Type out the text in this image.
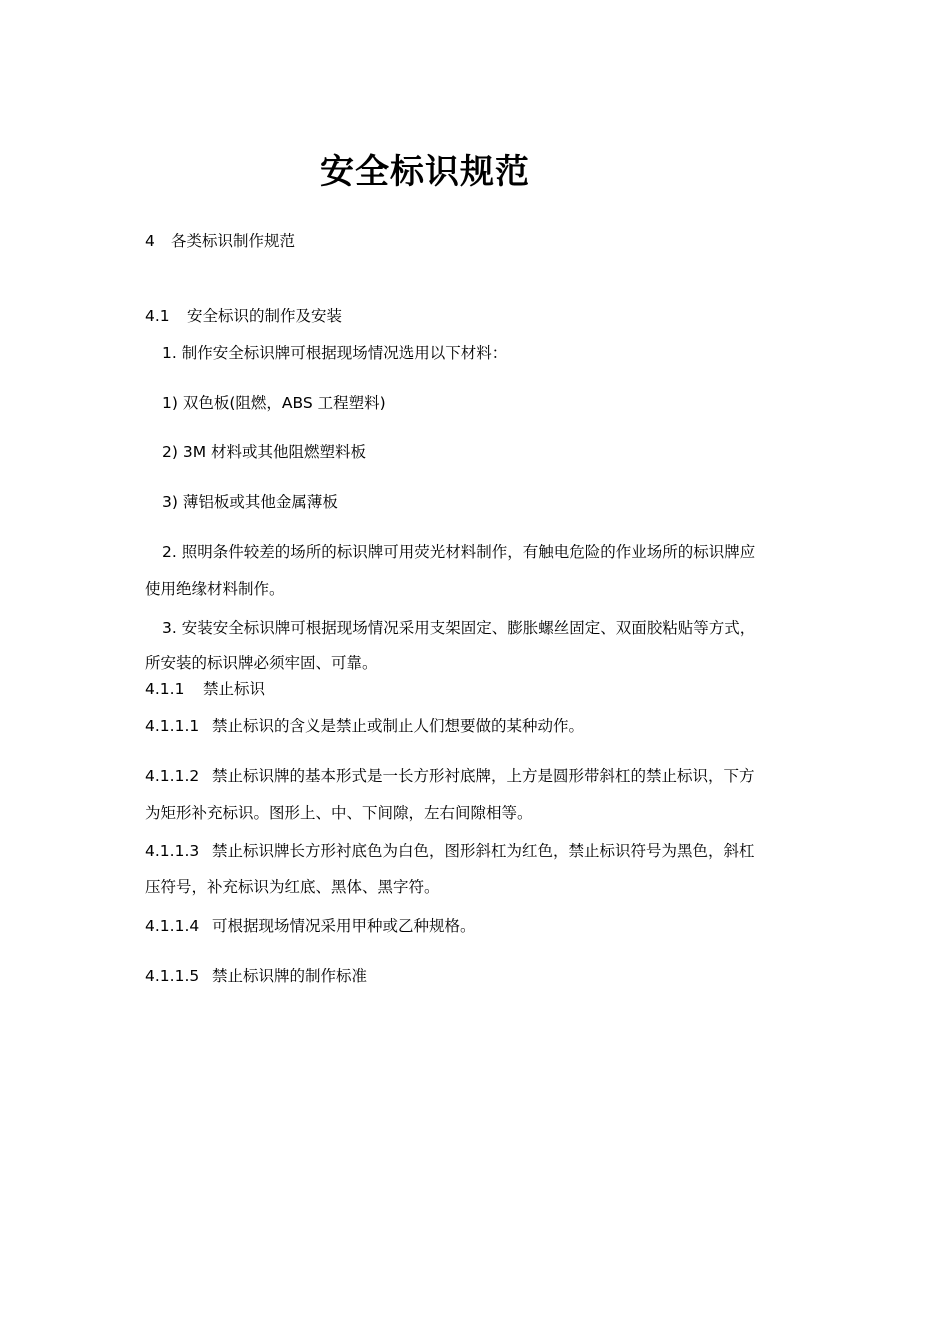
安全标识规范
4 各类标识制作规范
4.1 安全标识的制作及安装
1. 制作安全标识牌可根据现场情况选用以下材料：
1) 双色板(阻燃，ABS 工程塑料)
2) 3M 材料或其他阻燃塑料板
3) 薄铝板或其他金属薄板
2. 照明条件较差的场所的标识牌可用荧光材料制作，有触电危险的作业场所的标识牌应
使用绝缘材料制作。
3. 安装安全标识牌可根据现场情况采用支架固定、膨胀螺丝固定、双面胶粘贴等方式，
所安装的标识牌必须牢固、可靠。
4.1.1 禁止标识
4.1.1.1 禁止标识的含义是禁止或制止人们想要做的某种动作。
4.1.1.2 禁止标识牌的基本形式是一长方形衬底牌，上方是圆形带斜杠的禁止标识，下方
为矩形补充标识。图形上、中、下间隙，左右间隙相等。
4.1.1.3 禁止标识牌长方形衬底色为白色，图形斜杠为红色，禁止标识符号为黑色，斜杠
压符号，补充标识为红底、黑体、黑字符。
4.1.1.4 可根据现场情况采用甲种或乙种规格。
4.1.1.5 禁止标识牌的制作标准
